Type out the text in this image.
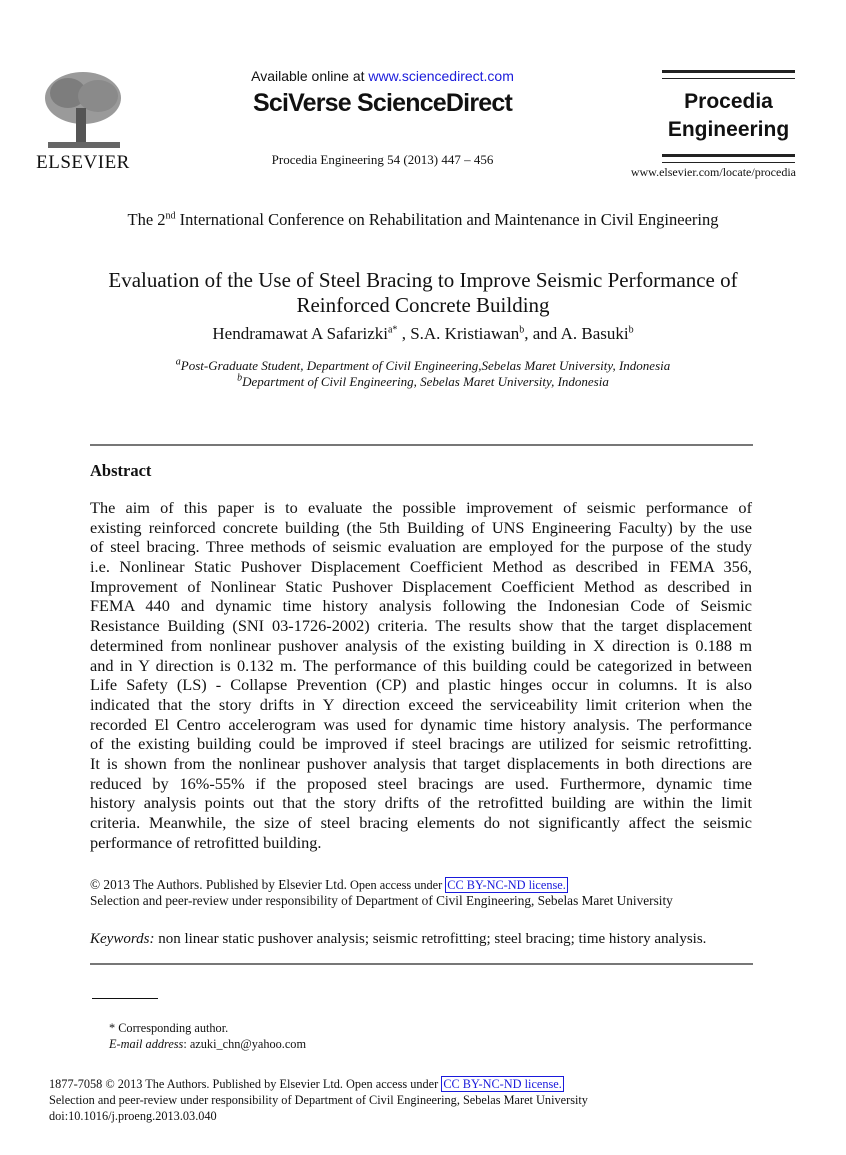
ELSEVIER
Available online at www.sciencedirect.com
SciVerse ScienceDirect
Procedia Engineering 54 (2013) 447 – 456
Procedia
Engineering
www.elsevier.com/locate/procedia
The 2nd International Conference on Rehabilitation and Maintenance in Civil Engineering
Evaluation of the Use of Steel Bracing to Improve Seismic Performance of
Reinforced Concrete Building
Hendramawat A Safarizki$^{a*}$ , S.A. Kristiawan$^b$, and A. Basuki$^b$
$^a$Post-Graduate Student, Department of Civil Engineering,Sebelas Maret University, Indonesia
$^b$Department of Civil Engineering, Sebelas Maret University, Indonesia
Abstract
The aim of this paper is to evaluate the possible improvement of seismic performance of
existing reinforced concrete building (the 5th Building of UNS Engineering Faculty) by the use
of steel bracing. Three methods of seismic evaluation are employed for the purpose of the study
i.e. Nonlinear Static Pushover Displacement Coefficient Method as described in FEMA 356,
Improvement of Nonlinear Static Pushover Displacement Coefficient Method as described in
FEMA 440 and dynamic time history analysis following the Indonesian Code of Seismic
Resistance Building (SNI 03-1726-2002) criteria. The results show that the target displacement
determined from nonlinear pushover analysis of the existing building in X direction is 0.188 m
and in Y direction is 0.132 m. The performance of this building could be categorized in between
Life Safety (LS) - Collapse Prevention (CP) and plastic hinges occur in columns. It is also
indicated that the story drifts in Y direction exceed the serviceability limit criterion when the
recorded El Centro accelerogram was used for dynamic time history analysis. The performance
of the existing building could be improved if steel bracings are utilized for seismic retrofitting.
It is shown from the nonlinear pushover analysis that target displacements in both directions are
reduced by 16%-55% if the proposed steel bracings are used. Furthermore, dynamic time
history analysis points out that the story drifts of the retrofitted building are within the limit
criteria. Meanwhile, the size of steel bracing elements do not significantly affect the seismic
performance of retrofitted building.
© 2013 The Authors. Published by Elsevier Ltd. Open access under CC BY-NC-ND license.
Selection and peer-review under responsibility of Department of Civil Engineering, Sebelas Maret University
Keywords: non linear static pushover analysis; seismic retrofitting; steel bracing; time history analysis.
* Corresponding author.
E-mail address: azuki_chn@yahoo.com
1877-7058 © 2013 The Authors. Published by Elsevier Ltd. Open access under CC BY-NC-ND license.
Selection and peer-review under responsibility of Department of Civil Engineering, Sebelas Maret University
doi:10.1016/j.proeng.2013.03.040
